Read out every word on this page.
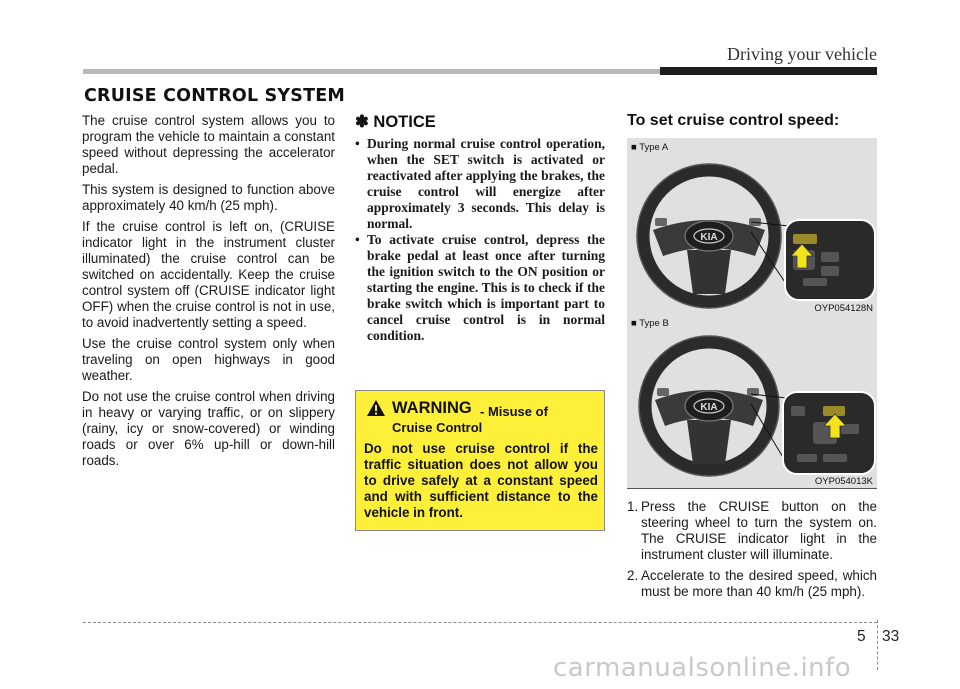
Driving your vehicle
CRUISE CONTROL SYSTEM

The cruise control system allows you to program the vehicle to maintain a constant speed without depressing the accelerator pedal.

This system is designed to function above approximately 40 km/h (25 mph).

If the cruise control is left on, (CRUISE indicator light in the instrument cluster illuminated) the cruise control can be switched on accidentally. Keep the cruise control system off (CRUISE indicator light OFF) when the cruise control is not in use, to avoid inadvertently setting a speed.

Use the cruise control system only when traveling on open highways in good weather.

Do not use the cruise control when driving in heavy or varying traffic, or on slippery (rainy, icy or snow-covered) or winding roads or over 6% up-hill or down-hill roads.

✽ NOTICE
• During normal cruise control operation, when the SET switch is activated or reactivated after applying the brakes, the cruise control will energize after approximately 3 seconds. This delay is normal.
• To activate cruise control, depress the brake pedal at least once after turning the ignition switch to the ON position or starting the engine. This is to check if the brake switch which is important part to cancel cruise control is in normal condition.
WARNING - Misuse of
Cruise Control
Do not use cruise control if the traffic situation does not allow you to drive safely at a constant speed and with sufficient distance to the vehicle in front.
To set cruise control speed:
KIA
■ Type A
OYP054128N
KIA
■ Type B
OYP054013K
1. Press the CRUISE button on the steering wheel to turn the system on. The CRUISE indicator light in the instrument cluster will illuminate.
2. Accelerate to the desired speed, which must be more than 40 km/h (25 mph).
5 33
carmanualsonline.info
